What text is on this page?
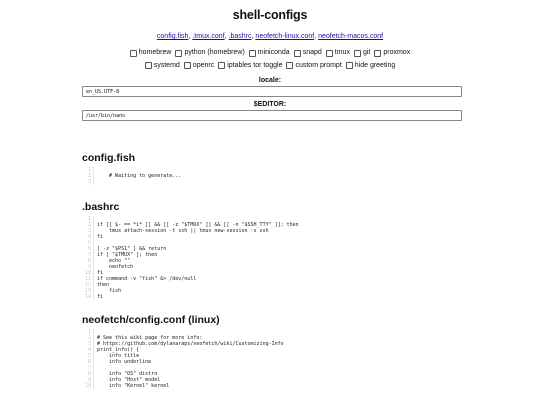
shell-configs
config.fish, .tmux.conf, .bashrc, neofetch-linux.conf, neofetch-macos.conf
homebrew python (homebrew) miniconda snapd tmux git proxmox
systemd openrc iptables tor toggle custom prompt hide greeting
locale:
en_US.UTF-8
$EDITOR:
/usr/bin/nano
config.fish
1
2	# Waiting to generate...
3
.bashrc
1
2	if [[ $- == *i* ]] && [[ -z "$TMUX" ]] && [[ -n "$SSH_TTY" ]]; then
3	tmux attach-session -t ssh || tmux new-session -s ssh
4	fi
5
6	[ -z "$PS1" ] && return
7	if [ "$TMUX" ]; then
8	echo ""
9	neofetch
10	fi
11	if command -v "fish" &> /dev/null
12	then
13	fish
14	fi
neofetch/config.conf (linux)
1
2	# See this wiki page for more info:
3	# https://github.com/dylanaraps/neofetch/wiki/Customizing-Info
4	print_info() {
5	info title
6	info underline
7
8	info "OS" distro
9	info "Host" model
10	info "Kernel" kernel
